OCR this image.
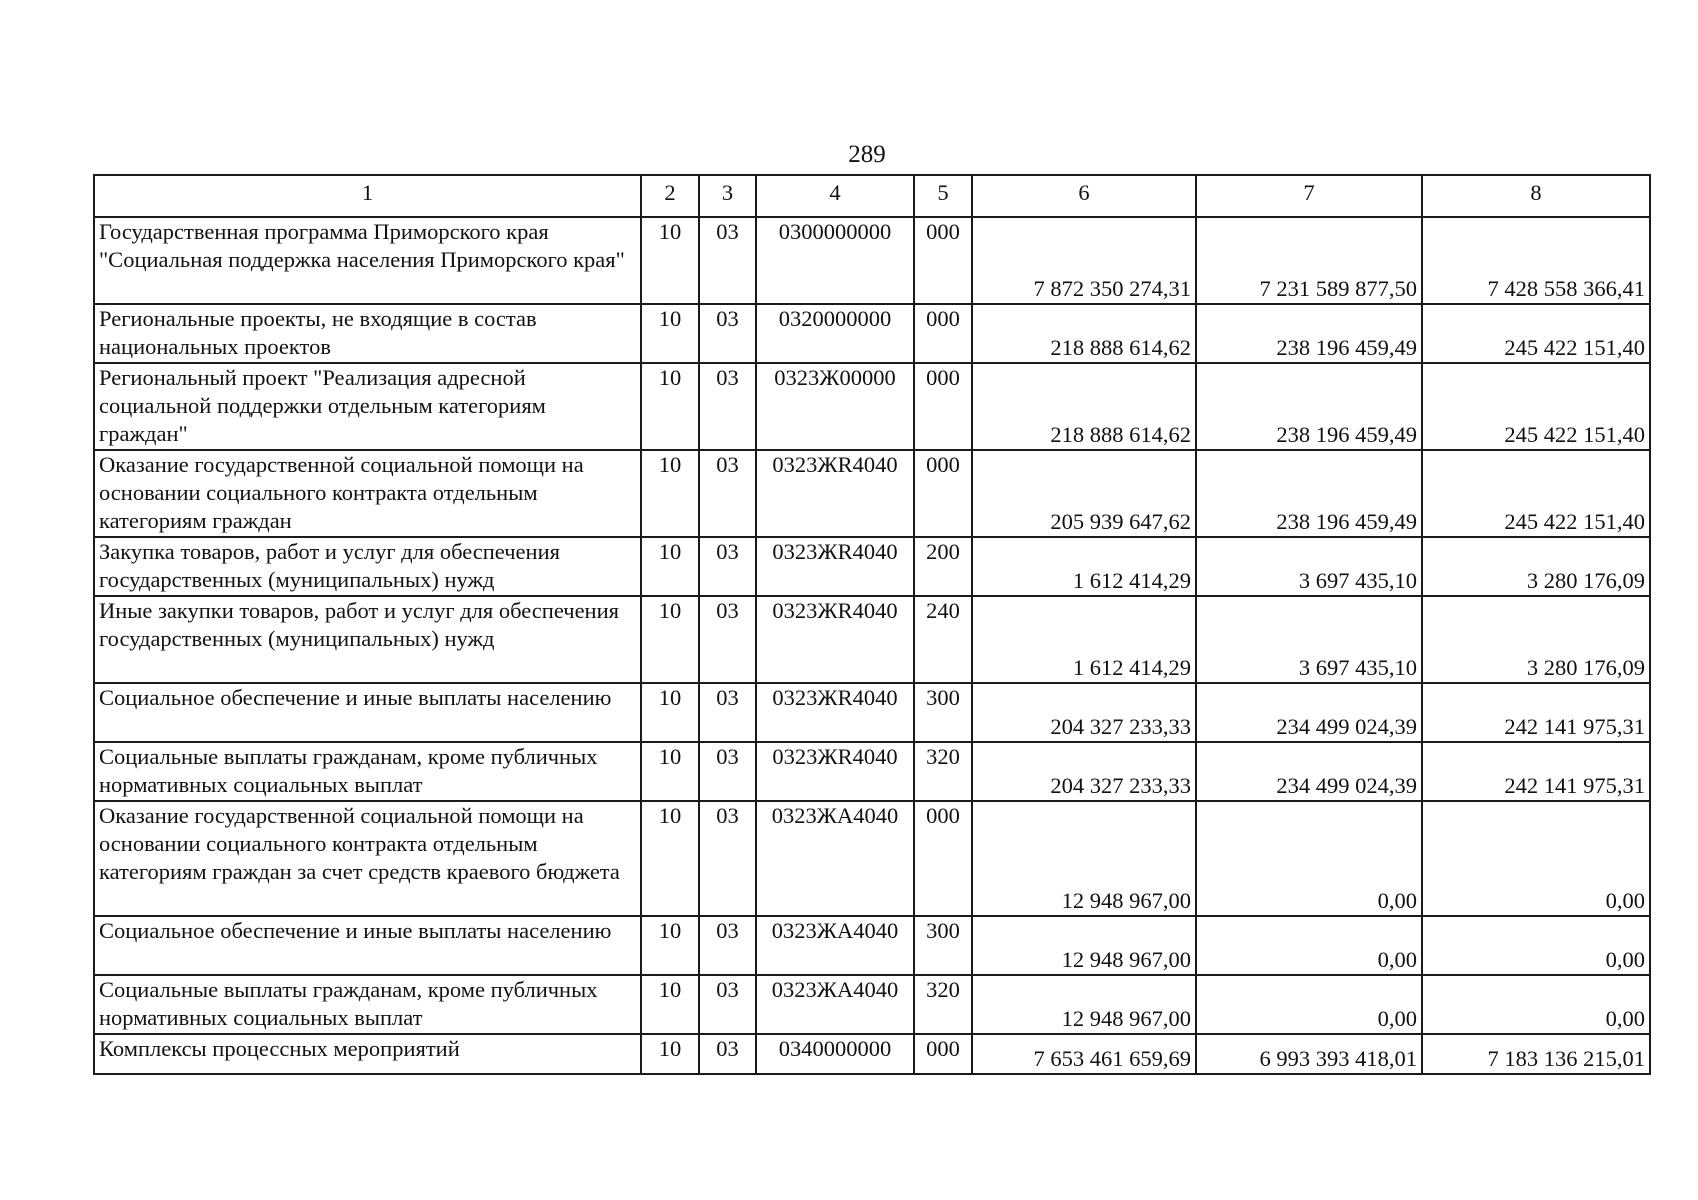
289
1	2	3	4	5	6	7	8
Государственная программа Приморского края "Социальная поддержка населения Приморского края"	10	03	0300000000	000	7 872 350 274,31	7 231 589 877,50	7 428 558 366,41
Региональные проекты, не входящие в состав национальных проектов	10	03	0320000000	000	218 888 614,62	238 196 459,49	245 422 151,40
Региональный проект "Реализация адресной социальной поддержки отдельным категориям граждан"	10	03	0323Ж00000	000	218 888 614,62	238 196 459,49	245 422 151,40
Оказание государственной социальной помощи на основании социального контракта отдельным категориям граждан	10	03	0323ЖR4040	000	205 939 647,62	238 196 459,49	245 422 151,40
Закупка товаров, работ и услуг для обеспечения государственных (муниципальных) нужд	10	03	0323ЖR4040	200	1 612 414,29	3 697 435,10	3 280 176,09
Иные закупки товаров, работ и услуг для обеспечения государственных (муниципальных) нужд	10	03	0323ЖR4040	240	1 612 414,29	3 697 435,10	3 280 176,09
Социальное обеспечение и иные выплаты населению	10	03	0323ЖR4040	300	204 327 233,33	234 499 024,39	242 141 975,31
Социальные выплаты гражданам, кроме публичных нормативных социальных выплат	10	03	0323ЖR4040	320	204 327 233,33	234 499 024,39	242 141 975,31
Оказание государственной социальной помощи на основании социального контракта отдельным категориям граждан за счет средств краевого бюджета	10	03	0323ЖА4040	000	12 948 967,00	0,00	0,00
Социальное обеспечение и иные выплаты населению	10	03	0323ЖА4040	300	12 948 967,00	0,00	0,00
Социальные выплаты гражданам, кроме публичных нормативных социальных выплат	10	03	0323ЖА4040	320	12 948 967,00	0,00	0,00
Комплексы процессных мероприятий	10	03	0340000000	000	7 653 461 659,69	6 993 393 418,01	7 183 136 215,01
